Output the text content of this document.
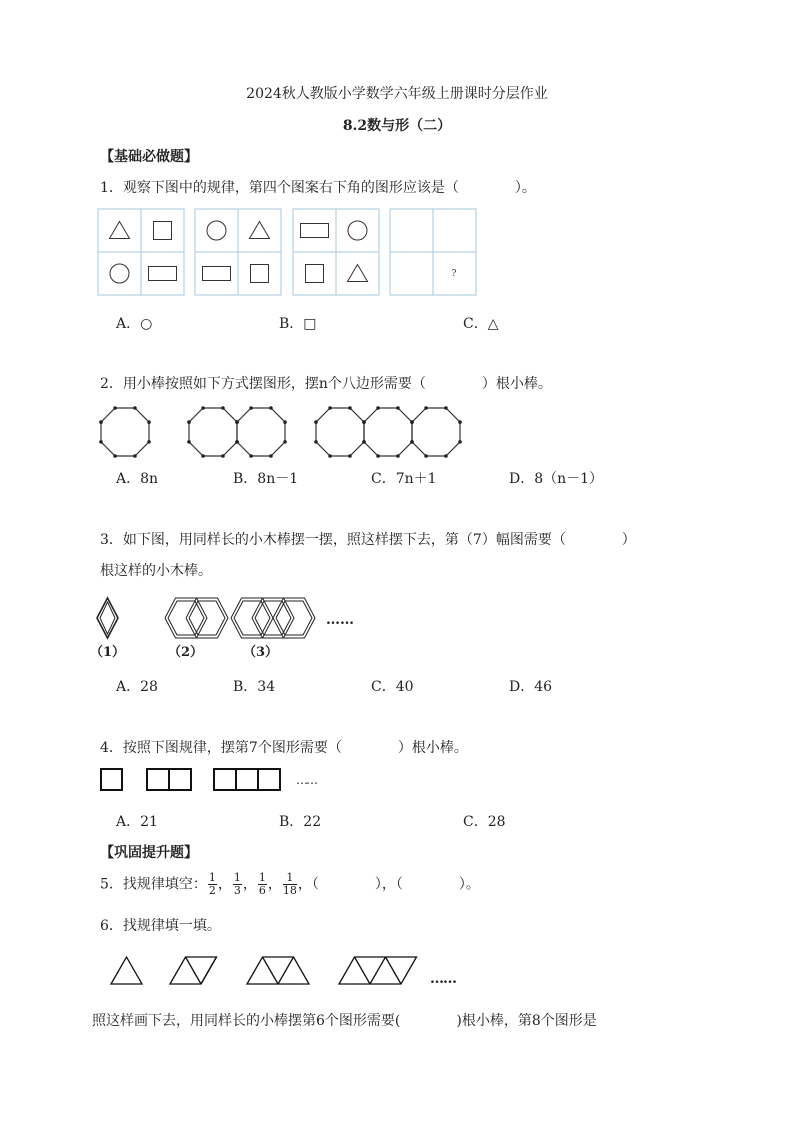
2024秋人教版小学数学六年级上册课时分层作业
8.2数与形（二）
【基础必做题】
1．观察下图中的规律，第四个图案右下角的图形应该是（　　　　）。
?
A．○	B．□	C．△
2．用小棒按照如下方式摆图形，摆n个八边形需要（　　　　）根小棒。
A．8n	B．8n－1	C．7n＋1	D．8（n－1）
3．如下图，用同样长的小木棒摆一摆，照这样摆下去，第（7）幅图需要（　　　　）
根这样的小木棒。
……
（1）	（2）	（3）
A．28	B．34	C．40	D．46
4．按照下图规律，摆第7个图形需要（　　　　）根小棒。
……
A．21	B．22	C．28
【巩固提升题】
5．找规律填空： $\frac{1}{2}$ ， $\frac{1}{3}$ ， $\frac{1}{6}$ ， $\frac{1}{18}$ ，（　　　　），（　　　　）。
6．找规律填一填。
……
照这样画下去，用同样长的小棒摆第6个图形需要(　　　　)根小棒，第8个图形是
